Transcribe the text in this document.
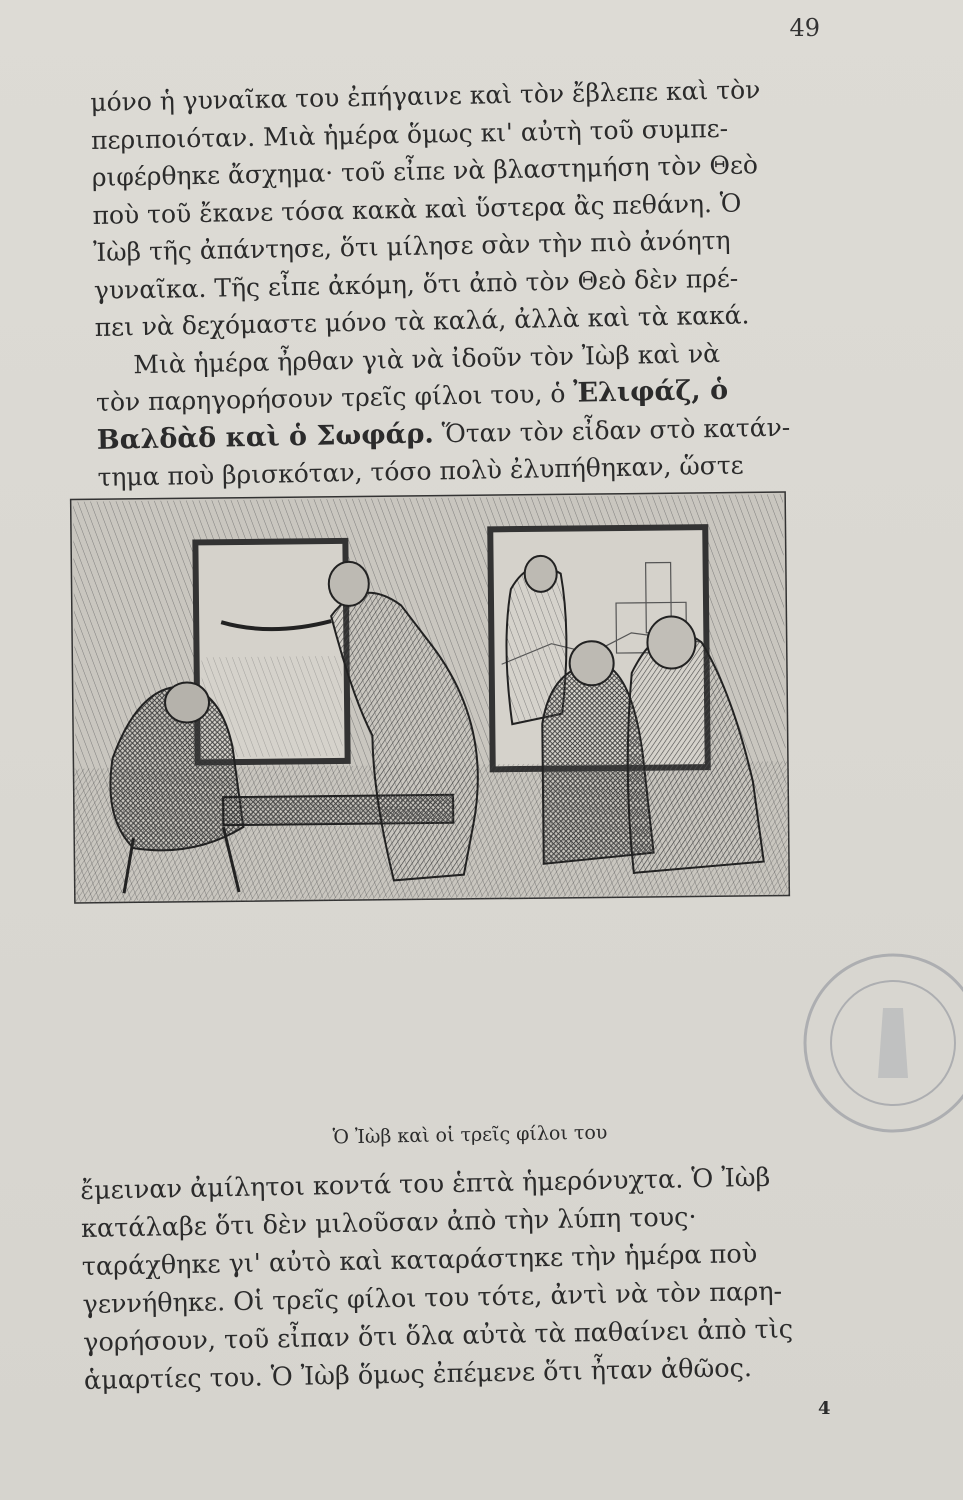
49
μόνο ἡ γυναῖκα του ἐπήγαινε καὶ τὸν ἔβλεπε καὶ τὸν
περιποιόταν. Μιὰ ἡμέρα ὅμως κι' αὐτὴ τοῦ συμπε-
ριφέρθηκε ἄσχημα· τοῦ εἶπε νὰ βλαστημήση τὸν Θεὸ
ποὺ τοῦ ἔκανε τόσα κακὰ καὶ ὕστερα ἂς πεθάνη. Ὁ
Ἰὼβ τῆς ἀπάντησε, ὅτι μίλησε σὰν τὴν πιὸ ἀνόητη
γυναῖκα. Τῆς εἶπε ἀκόμη, ὅτι ἀπὸ τὸν Θεὸ δὲν πρέ-
πει νὰ δεχόμαστε μόνο τὰ καλά, ἀλλὰ καὶ τὰ κακά.
Μιὰ ἡμέρα ἦρθαν γιὰ νὰ ἰδοῦν τὸν Ἰὼβ καὶ νὰ
τὸν παρηγορήσουν τρεῖς φίλοι του, ὁ Ἐλιφάζ, ὁ
Βαλδὰδ καὶ ὁ Σωφάρ. Ὅταν τὸν εἶδαν στὸ κατάν-
τημα ποὺ βρισκόταν, τόσο πολὺ ἐλυπήθηκαν, ὥστε
Ὁ Ἰὼβ καὶ οἱ τρεῖς φίλοι του
ἔμειναν ἀμίλητοι κοντά του ἑπτὰ ἡμερόνυχτα. Ὁ Ἰὼβ
κατάλαβε ὅτι δὲν μιλοῦσαν ἀπὸ τὴν λύπη τους·
ταράχθηκε γι' αὐτὸ καὶ καταράστηκε τὴν ἡμέρα ποὺ
γεννήθηκε. Οἱ τρεῖς φίλοι του τότε, ἀντὶ νὰ τὸν παρη-
γορήσουν, τοῦ εἶπαν ὅτι ὅλα αὐτὰ τὰ παθαίνει ἀπὸ τὶς
ἁμαρτίες του. Ὁ Ἰὼβ ὅμως ἐπέμενε ὅτι ἦταν ἀθῶος.
4
